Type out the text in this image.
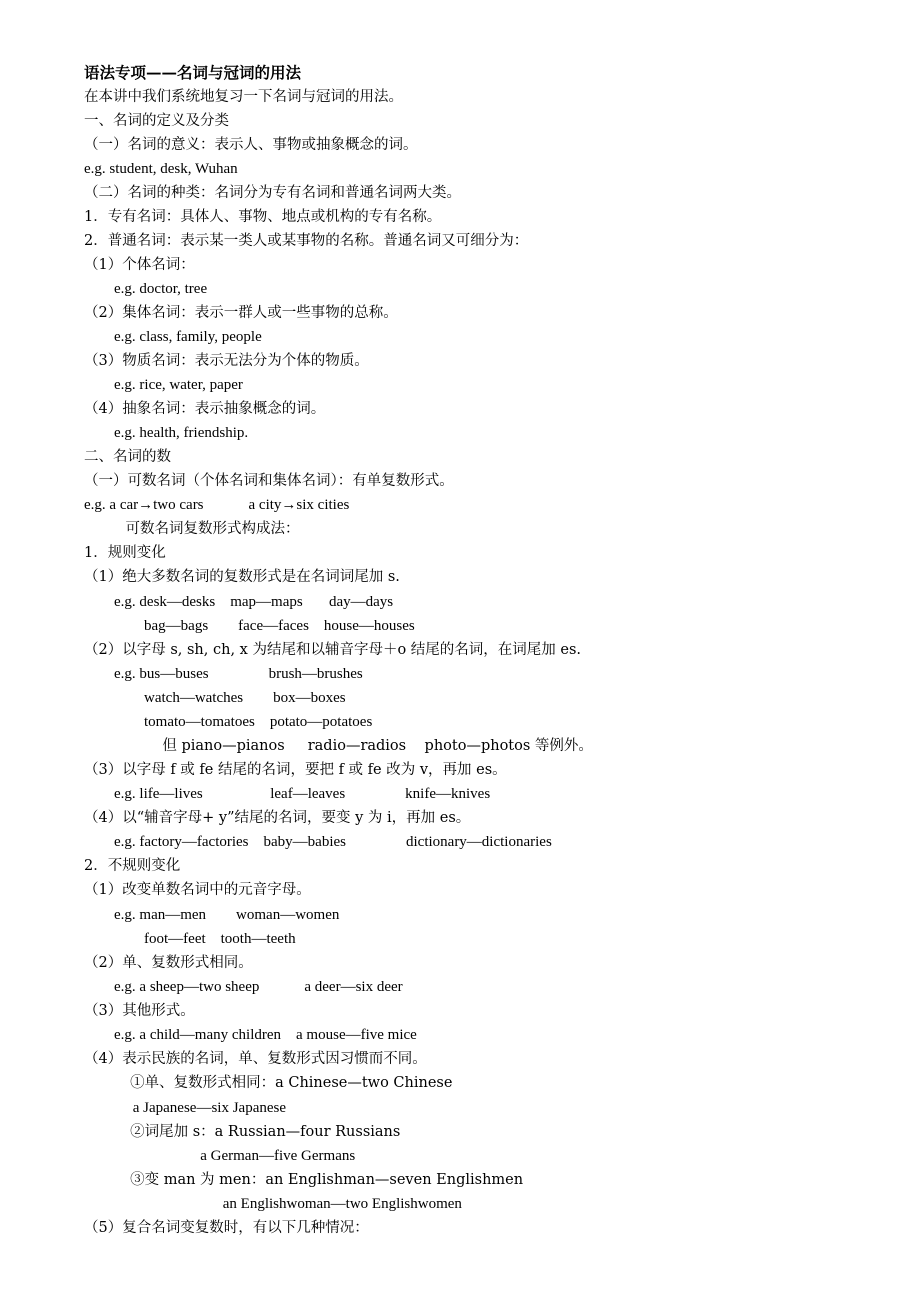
语法专项——名词与冠词的用法
在本讲中我们系统地复习一下名词与冠词的用法。
一、名词的定义及分类
（一）名词的意义：表示人、事物或抽象概念的词。
e.g. student, desk, Wuhan
（二）名词的种类：名词分为专有名词和普通名词两大类。
1．专有名词：具体人、事物、地点或机构的专有名称。
2．普通名词：表示某一类人或某事物的名称。普通名词又可细分为：
（1）个体名词：
e.g. doctor, tree
（2）集体名词：表示一群人或一些事物的总称。
e.g. class, family, people
（3）物质名词：表示无法分为个体的物质。
e.g. rice, water, paper
（4）抽象名词：表示抽象概念的词。
e.g. health, friendship.
二、名词的数
（一）可数名词（个体名词和集体名词）：有单复数形式。
e.g. a car→two cars            a city→six cities
可数名词复数形式构成法：
1．规则变化
（1）绝大多数名词的复数形式是在名词词尾加 s.
e.g. desk—desks    map—maps       day—days
bag—bags        face—faces    house—houses
（2）以字母 s, sh, ch, x 为结尾和以辅音字母＋o 结尾的名词，在词尾加 es.
e.g. bus—buses                brush—brushes
watch—watches        box—boxes
tomato—tomatoes    potato—potatoes
但 piano—pianos     radio—radios    photo—photos 等例外。
（3）以字母 f 或 fe 结尾的名词，要把 f 或 fe 改为 v，再加 es。
e.g. life—lives                  leaf—leaves                knife—knives
（4）以“辅音字母+ y”结尾的名词，要变 y 为 i，再加 es。
e.g. factory—factories    baby—babies                dictionary—dictionaries
2．不规则变化
（1）改变单数名词中的元音字母。
e.g. man—men        woman—women
foot—feet    tooth—teeth
（2）单、复数形式相同。
e.g. a sheep—two sheep            a deer—six deer
（3）其他形式。
e.g. a child—many children    a mouse—five mice
（4）表示民族的名词，单、复数形式因习惯而不同。
①单、复数形式相同：a Chinese—two Chinese
a Japanese—six Japanese
②词尾加 s：a Russian—four Russians
a German—five Germans
③变 man 为 men：an Englishman—seven Englishmen
an Englishwoman—two Englishwomen
（5）复合名词变复数时，有以下几种情况：
